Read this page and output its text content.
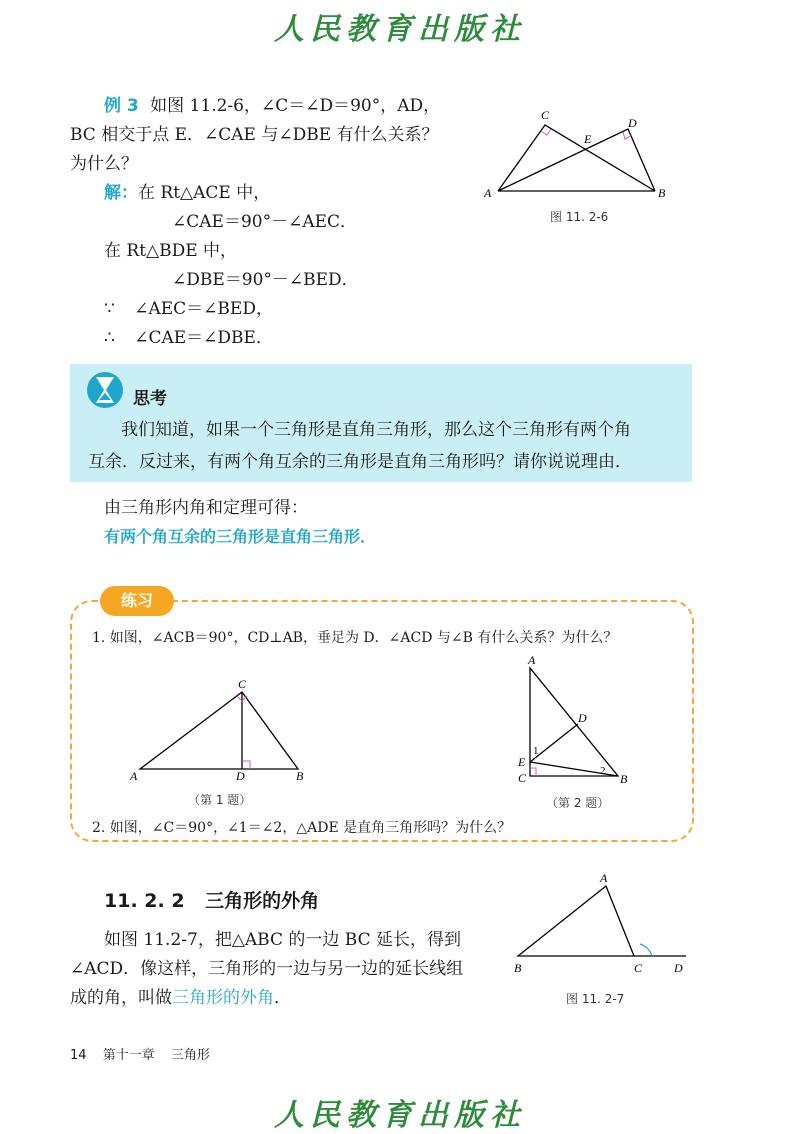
人民教育出版社
例 3 如图 11.2-6，∠C＝∠D＝90°，AD，
BC 相交于点 E．∠CAE 与∠DBE 有什么关系？
为什么？
解：在 Rt△ACE 中，
∠CAE＝90°－∠AEC．
在 Rt△BDE 中，
∠DBE＝90°－∠BED．
∵ ∠AEC＝∠BED，
∴ ∠CAE＝∠DBE．
A	B
C
D
E
图 11. 2-6
思考
我们知道，如果一个三角形是直角三角形，那么这个三角形有两个角
互余．反过来，有两个角互余的三角形是直角三角形吗？请你说说理由．
由三角形内角和定理可得：
有两个角互余的三角形是直角三角形．
练习
1. 如图，∠ACB＝90°，CD⊥AB，垂足为 D．∠ACD 与∠B 有什么关系？为什么？
A	B
C
D
（第 1 题）
A
B
C
D
E
1
2
（第 2 题）
2. 如图，∠C＝90°，∠1＝∠2，△ADE 是直角三角形吗？为什么？
11. 2. 2 三角形的外角
如图 11.2-7，把△ABC 的一边 BC 延长，得到
∠ACD．像这样，三角形的一边与另一边的延长线组
成的角，叫做三角形的外角．
A
B	C	D
图 11. 2-7
14 第十一章 三角形
人民教育出版社
